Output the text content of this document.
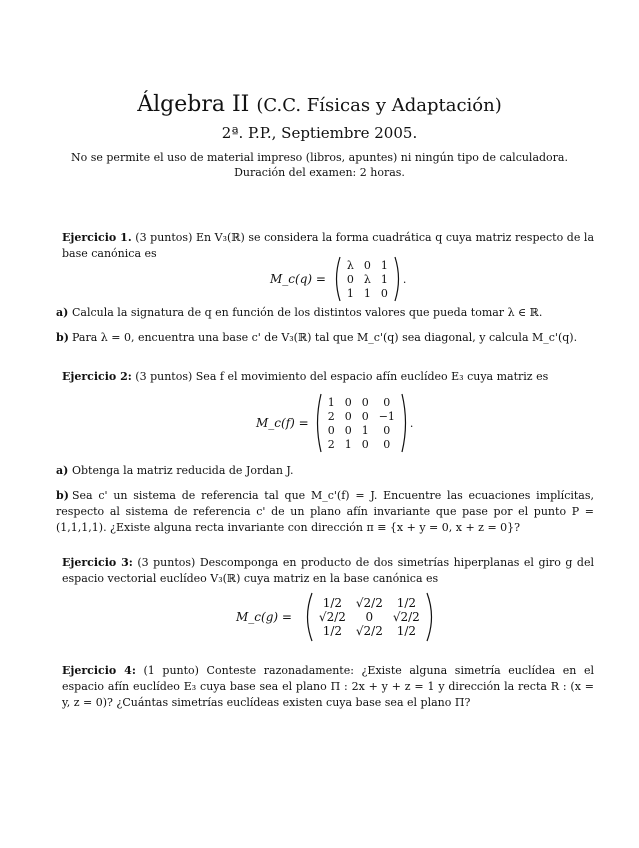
Álgebra II (C.C. Físicas y Adaptación)
2ª. P.P., Septiembre 2005.
No se permite el uso de material impreso (libros, apuntes) ni ningún tipo de calculadora.
Duración del examen: 2 horas.
Ejercicio 1. (3 puntos) En V₃(ℝ) se considera la forma cuadrática q cuya matriz respecto de la base canónica es
M_c(q) =
λ	0	1
0	λ	1
1	1	0
.
a) Calcula la signatura de q en función de los distintos valores que pueda tomar λ ∈ ℝ.
b) Para λ = 0, encuentra una base c' de V₃(ℝ) tal que M_c'(q) sea diagonal, y calcula M_c'(q).
Ejercicio 2: (3 puntos) Sea f el movimiento del espacio afín euclídeo E₃ cuya matriz es
M_c(f) =
1	0	0	0
2	0	0	−1
0	0	1	0
2	1	0	0
.
a) Obtenga la matriz reducida de Jordan J.
b) Sea c' un sistema de referencia tal que M_c'(f) = J. Encuentre las ecuaciones implícitas, respecto al sistema de referencia c' de un plano afín invariante que pase por el punto P = (1,1,1,1). ¿Existe alguna recta invariante con dirección π ≡ {x + y = 0, x + z = 0}?
Ejercicio 3: (3 puntos) Descomponga en producto de dos simetrías hiperplanas el giro g del espacio vectorial euclídeo V₃(ℝ) cuya matriz en la base canónica es
M_c(g) =
1/2	√2/2	1/2
√2/2	0	√2/2
1/2	√2/2	1/2
Ejercicio 4: (1 punto) Conteste razonadamente: ¿Existe alguna simetría euclídea en el espacio afín euclídeo E₃ cuya base sea el plano Π : 2x + y + z = 1 y dirección la recta R : (x = y, z = 0)? ¿Cuántas simetrías euclídeas existen cuya base sea el plano Π?
